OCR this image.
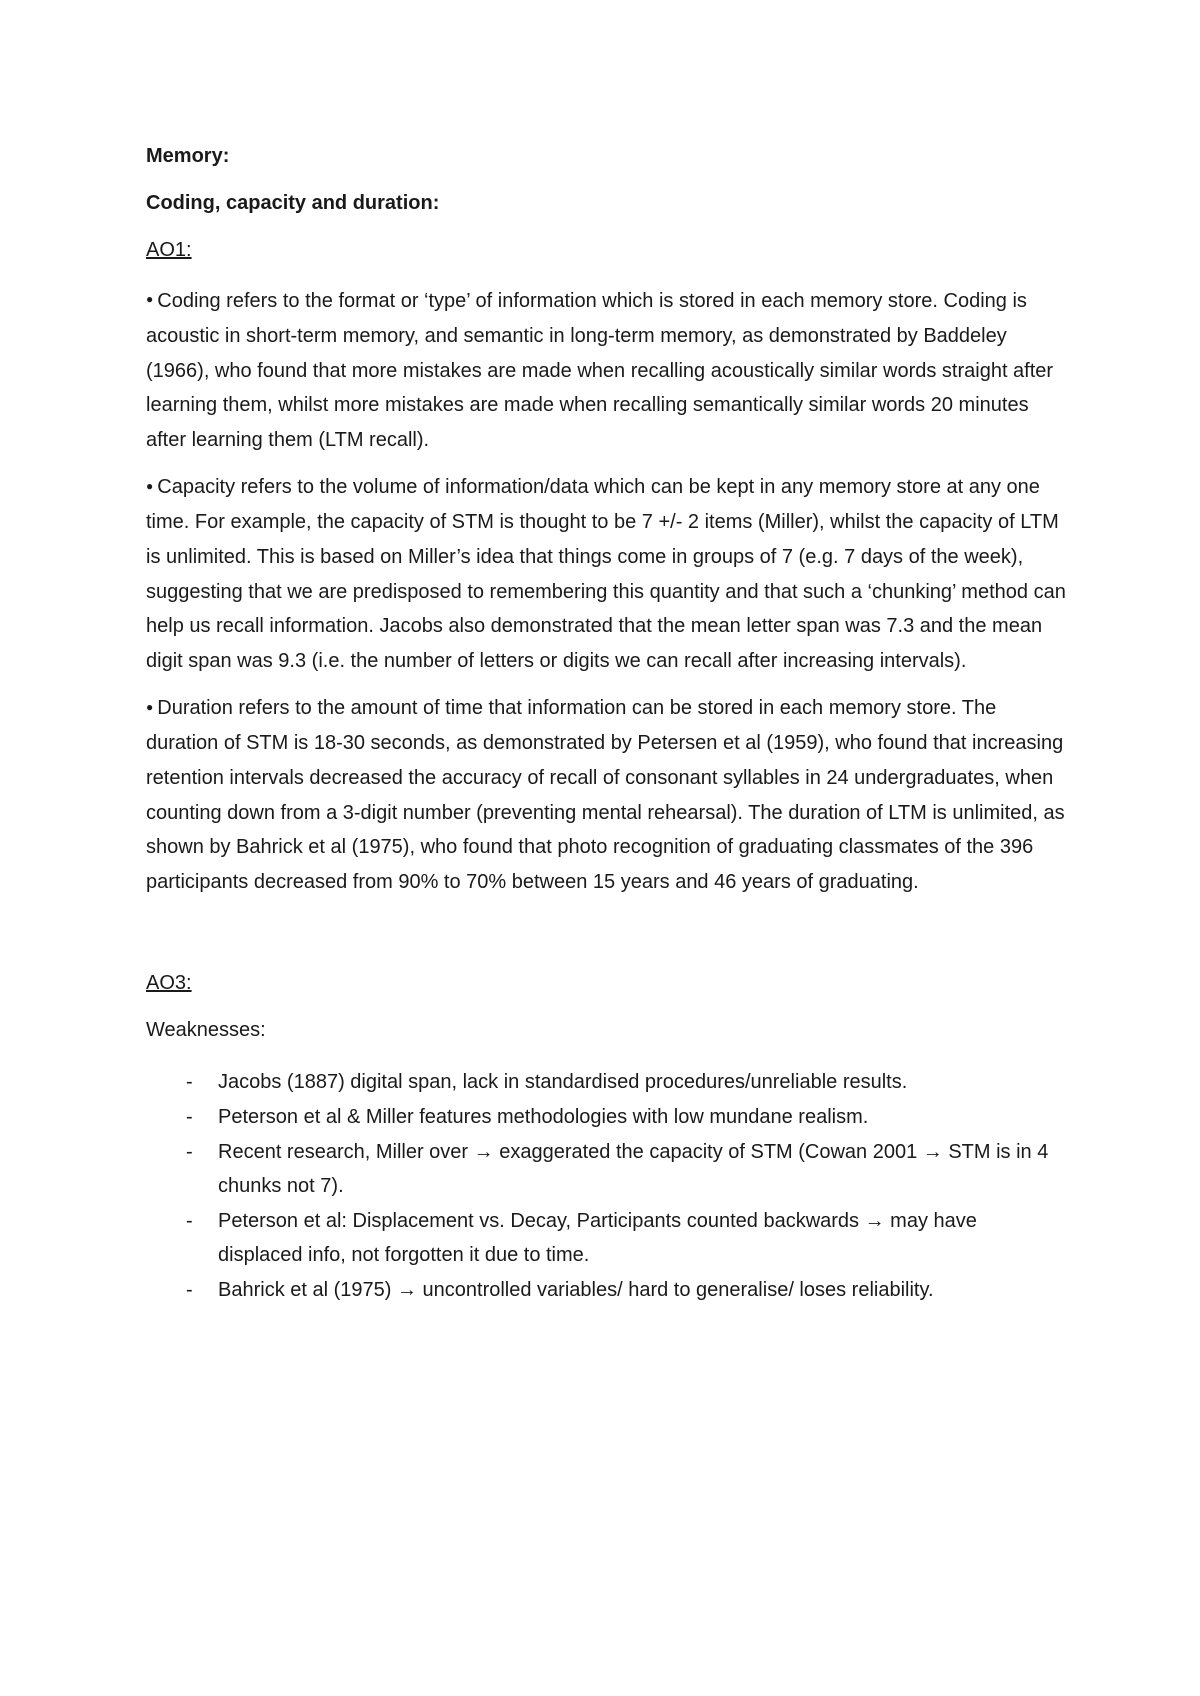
Memory:
Coding, capacity and duration:
AO1:

● Coding refers to the format or ‘type’ of information which is stored in each memory store. Coding is acoustic in short-term memory, and semantic in long-term memory, as demonstrated by Baddeley (1966), who found that more mistakes are made when recalling acoustically similar words straight after learning them, whilst more mistakes are made when recalling semantically similar words 20 minutes after learning them (LTM recall).

● Capacity refers to the volume of information/data which can be kept in any memory store at any one time. For example, the capacity of STM is thought to be 7 +/- 2 items (Miller), whilst the capacity of LTM is unlimited. This is based on Miller’s idea that things come in groups of 7 (e.g. 7 days of the week), suggesting that we are predisposed to remembering this quantity and that such a ‘chunking’ method can help us recall information. Jacobs also demonstrated that the mean letter span was 7.3 and the mean digit span was 9.3 (i.e. the number of letters or digits we can recall after increasing intervals).

● Duration refers to the amount of time that information can be stored in each memory store. The duration of STM is 18-30 seconds, as demonstrated by Petersen et al (1959), who found that increasing retention intervals decreased the accuracy of recall of consonant syllables in 24 undergraduates, when counting down from a 3-digit number (preventing mental rehearsal). The duration of LTM is unlimited, as shown by Bahrick et al (1975), who found that photo recognition of graduating classmates of the 396 participants decreased from 90% to 70% between 15 years and 46 years of graduating.

AO3:
Weaknesses:
- Jacobs (1887) digital span, lack in standardised procedures/unreliable results.
- Peterson et al & Miller features methodologies with low mundane realism.
- Recent research, Miller over → exaggerated the capacity of STM (Cowan 2001 → STM is in 4 chunks not 7).
- Peterson et al: Displacement vs. Decay, Participants counted backwards → may have displaced info, not forgotten it due to time.
- Bahrick et al (1975) → uncontrolled variables/ hard to generalise/ loses reliability.
